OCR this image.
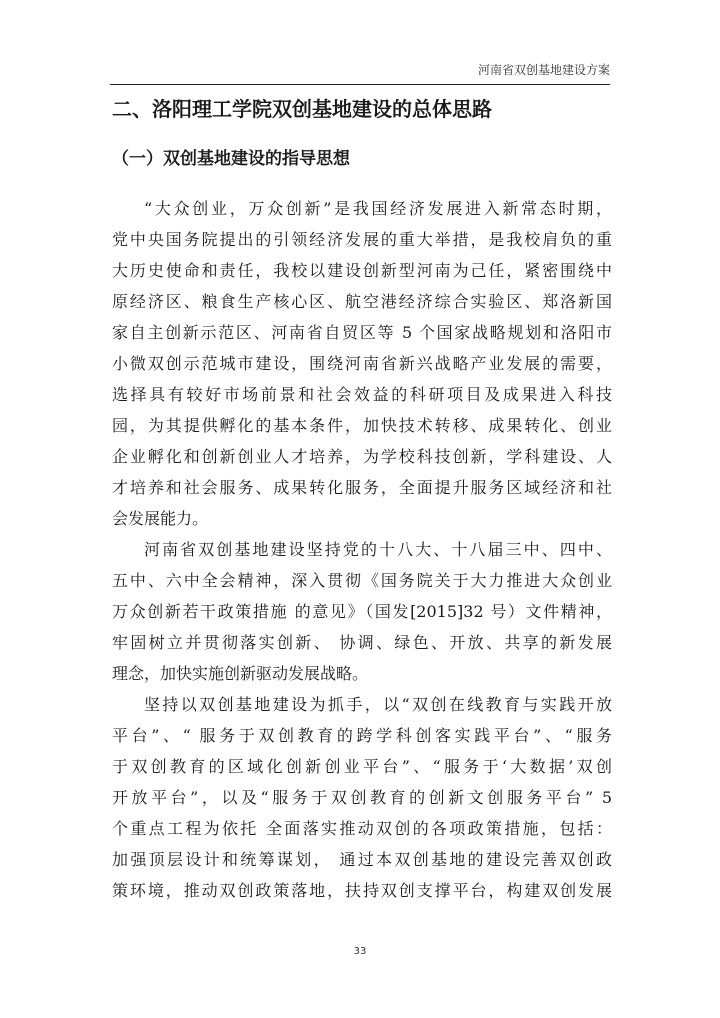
河南省双创基地建设方案
二、洛阳理工学院双创基地建设的总体思路
（一）双创基地建设的指导思想
“大众创业，万众创新”是我国经济发展进入新常态时期，
党中央国务院提出的引领经济发展的重大举措，是我校肩负的重
大历史使命和责任，我校以建设创新型河南为己任，紧密围绕中
原经济区、粮食生产核心区、航空港经济综合实验区、郑洛新国
家自主创新示范区、河南省自贸区等 5 个国家战略规划和洛阳市
小微双创示范城市建设，围绕河南省新兴战略产业发展的需要，
选择具有较好市场前景和社会效益的科研项目及成果进入科技
园，为其提供孵化的基本条件，加快技术转移、成果转化、创业
企业孵化和创新创业人才培养，为学校科技创新，学科建设、人
才培养和社会服务、成果转化服务，全面提升服务区域经济和社
会发展能力。
河南省双创基地建设坚持党的十八大、十八届三中、四中、
五中、六中全会精神，深入贯彻《国务院关于大力推进大众创业
万众创新若干政策措施 的意见》（国发[2015]32 号）文件精神，
牢固树立并贯彻落实创新、 协调、绿色、开放、共享的新发展
理念，加快实施创新驱动发展战略。
坚持以双创基地建设为抓手，以“双创在线教育与实践开放
平台”、“ 服务于双创教育的跨学科创客实践平台”、“服务
于双创教育的区域化创新创业平台”、“服务于‘大数据’双创
开放平台”，以及“服务于双创教育的创新文创服务平台” 5
个重点工程为依托 全面落实推动双创的各项政策措施，包括：
加强顶层设计和统筹谋划， 通过本双创基地的建设完善双创政
策环境，推动双创政策落地，扶持双创支撑平台，构建双创发展
33
